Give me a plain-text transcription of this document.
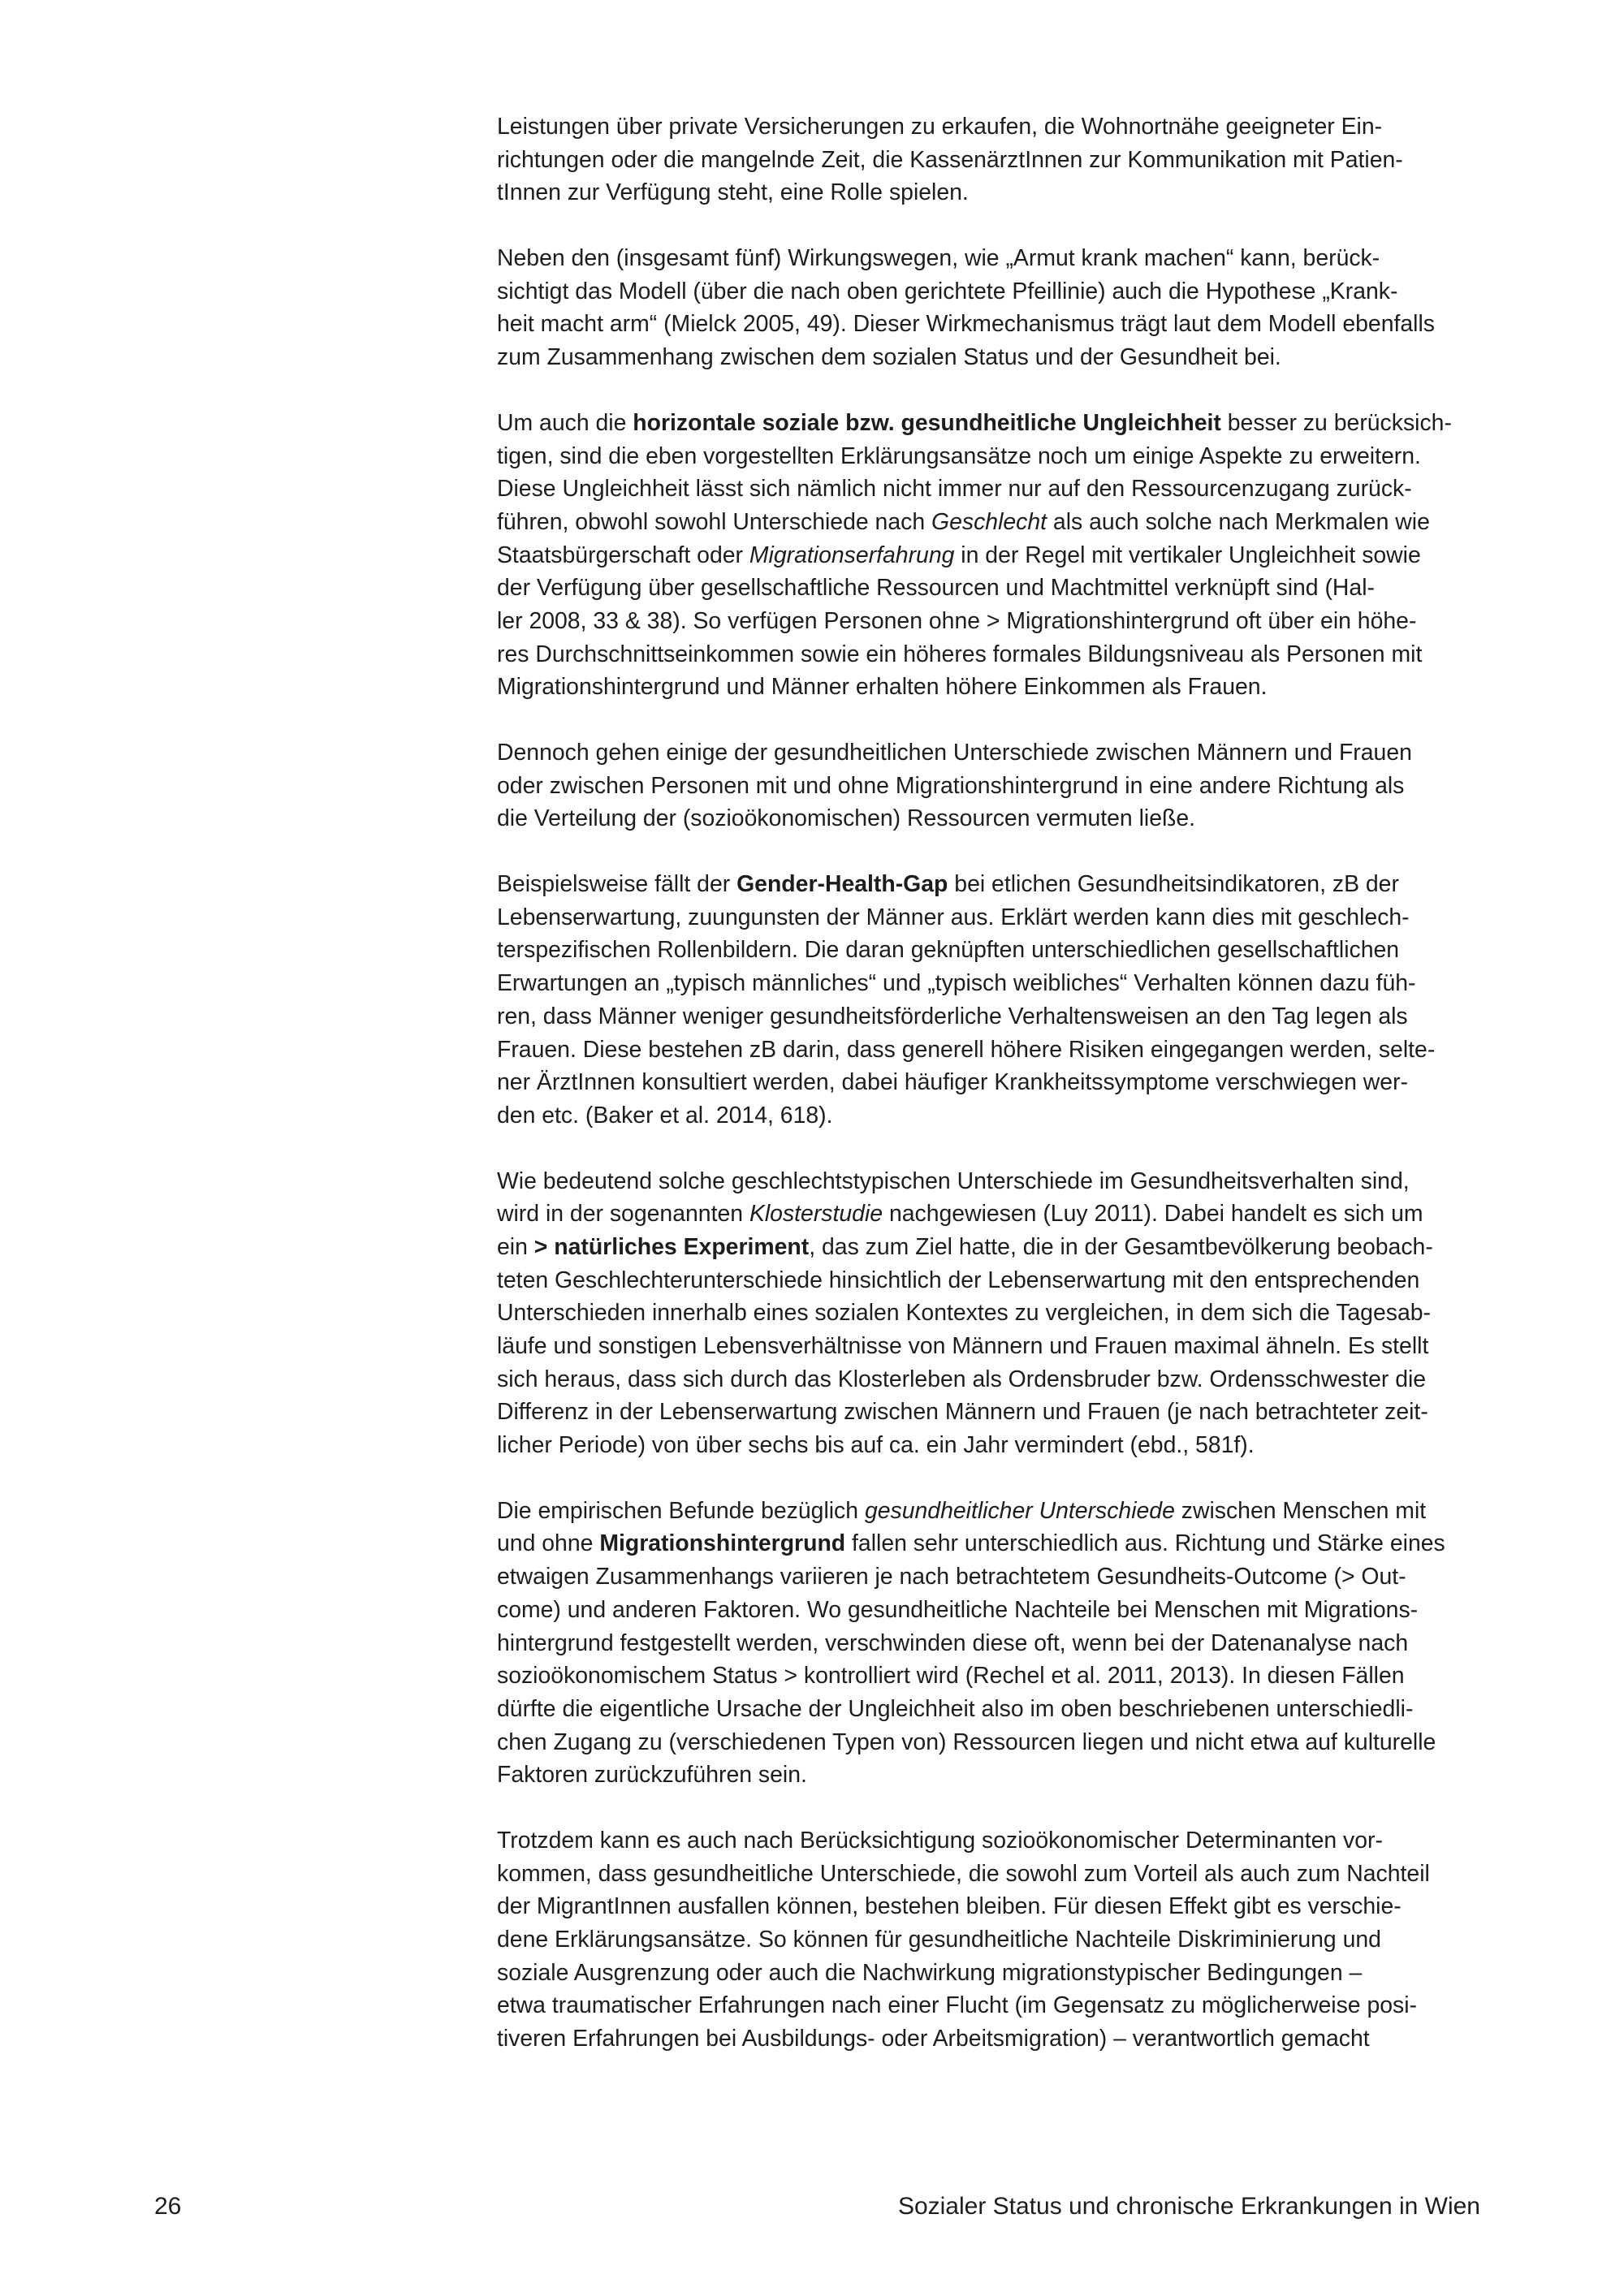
Leistungen über private Versicherungen zu erkaufen, die Wohnortnähe geeigneter Ein-
richtungen oder die mangelnde Zeit, die KassenärztInnen zur Kommunikation mit Patien-
tInnen zur Verfügung steht, eine Rolle spielen.
Neben den (insgesamt fünf) Wirkungswegen, wie „Armut krank machen“ kann, berück-
sichtigt das Modell (über die nach oben gerichtete Pfeillinie) auch die Hypothese „Krank-
heit macht arm“ (Mielck 2005, 49). Dieser Wirkmechanismus trägt laut dem Modell ebenfalls
zum Zusammenhang zwischen dem sozialen Status und der Gesundheit bei.
Um auch die horizontale soziale bzw. gesundheitliche Ungleichheit besser zu berücksich-
tigen, sind die eben vorgestellten Erklärungsansätze noch um einige Aspekte zu erweitern.
Diese Ungleichheit lässt sich nämlich nicht immer nur auf den Ressourcenzugang zurück-
führen, obwohl sowohl Unterschiede nach Geschlecht als auch solche nach Merkmalen wie
Staatsbürgerschaft oder Migrationserfahrung in der Regel mit vertikaler Ungleichheit sowie
der Verfügung über gesellschaftliche Ressourcen und Machtmittel verknüpft sind (Hal-
ler 2008, 33 & 38). So verfügen Personen ohne > Migrationshintergrund oft über ein höhe-
res Durchschnittseinkommen sowie ein höheres formales Bildungsniveau als Personen mit
Migrationshintergrund und Männer erhalten höhere Einkommen als Frauen.
Dennoch gehen einige der gesundheitlichen Unterschiede zwischen Männern und Frauen
oder zwischen Personen mit und ohne Migrationshintergrund in eine andere Richtung als
die Verteilung der (sozioökonomischen) Ressourcen vermuten ließe.
Beispielsweise fällt der Gender-Health-Gap bei etlichen Gesundheitsindikatoren, zB der
Lebenserwartung, zuungunsten der Männer aus. Erklärt werden kann dies mit geschlech-
terspezifischen Rollenbildern. Die daran geknüpften unterschiedlichen gesellschaftlichen
Erwartungen an „typisch männliches“ und „typisch weibliches“ Verhalten können dazu füh-
ren, dass Männer weniger gesundheitsförderliche Verhaltensweisen an den Tag legen als
Frauen. Diese bestehen zB darin, dass generell höhere Risiken eingegangen werden, selte-
ner ÄrztInnen konsultiert werden, dabei häufiger Krankheitssymptome verschwiegen wer-
den etc. (Baker et al. 2014, 618).
Wie bedeutend solche geschlechtstypischen Unterschiede im Gesundheitsverhalten sind,
wird in der sogenannten Klosterstudie nachgewiesen (Luy 2011). Dabei handelt es sich um
ein > natürliches Experiment, das zum Ziel hatte, die in der Gesamtbevölkerung beobach-
teten Geschlechterunterschiede hinsichtlich der Lebenserwartung mit den entsprechenden
Unterschieden innerhalb eines sozialen Kontextes zu vergleichen, in dem sich die Tagesab-
läufe und sonstigen Lebensverhältnisse von Männern und Frauen maximal ähneln. Es stellt
sich heraus, dass sich durch das Klosterleben als Ordensbruder bzw. Ordensschwester die
Differenz in der Lebenserwartung zwischen Männern und Frauen (je nach betrachteter zeit-
licher Periode) von über sechs bis auf ca. ein Jahr vermindert (ebd., 581f).
Die empirischen Befunde bezüglich gesundheitlicher Unterschiede zwischen Menschen mit
und ohne Migrationshintergrund fallen sehr unterschiedlich aus. Richtung und Stärke eines
etwaigen Zusammenhangs variieren je nach betrachtetem Gesundheits-Outcome (> Out-
come) und anderen Faktoren. Wo gesundheitliche Nachteile bei Menschen mit Migrations-
hintergrund festgestellt werden, verschwinden diese oft, wenn bei der Datenanalyse nach
sozioökonomischem Status > kontrolliert wird (Rechel et al. 2011, 2013). In diesen Fällen
dürfte die eigentliche Ursache der Ungleichheit also im oben beschriebenen unterschiedli-
chen Zugang zu (verschiedenen Typen von) Ressourcen liegen und nicht etwa auf kulturelle
Faktoren zurückzuführen sein.
Trotzdem kann es auch nach Berücksichtigung sozioökonomischer Determinanten vor-
kommen, dass gesundheitliche Unterschiede, die sowohl zum Vorteil als auch zum Nachteil
der MigrantInnen ausfallen können, bestehen bleiben. Für diesen Effekt gibt es verschie-
dene Erklärungsansätze. So können für gesundheitliche Nachteile Diskriminierung und
soziale Ausgrenzung oder auch die Nachwirkung migrationstypischer Bedingungen –
etwa traumatischer Erfahrungen nach einer Flucht (im Gegensatz zu möglicherweise posi-
tiveren Erfahrungen bei Ausbildungs- oder Arbeitsmigration) – verantwortlich gemacht
26	Sozialer Status und chronische Erkrankungen in Wien
